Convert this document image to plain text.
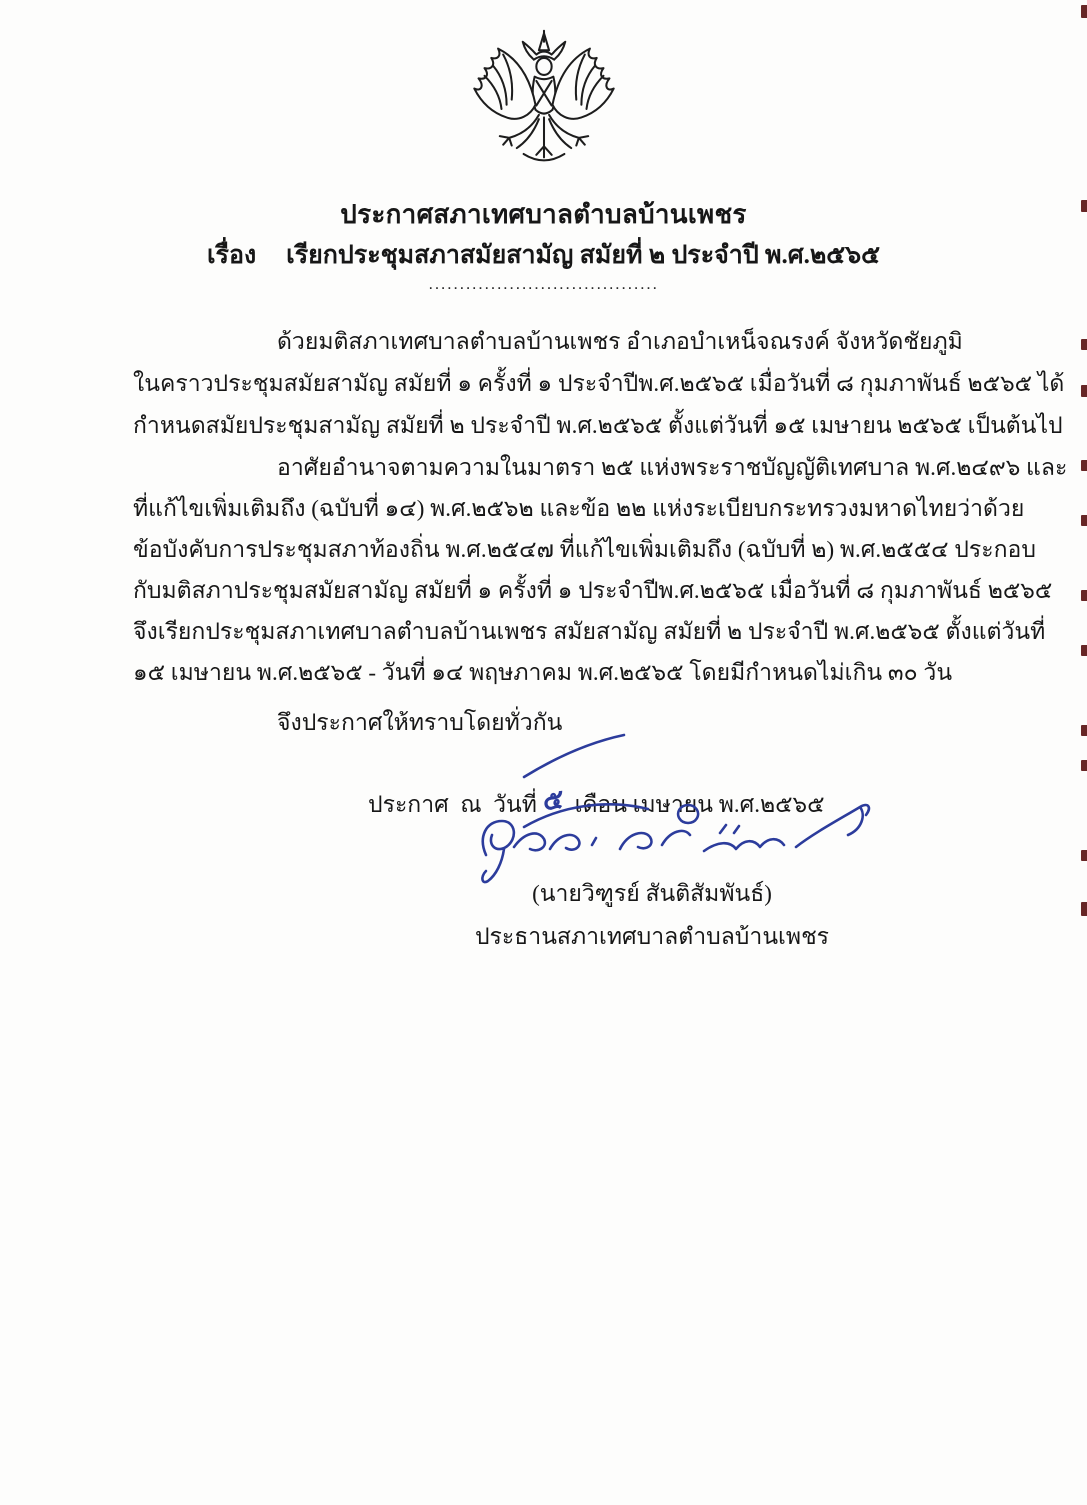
ประกาศสภาเทศบาลตำบลบ้านเพชร
เรื่อง เรียกประชุมสภาสมัยสามัญ สมัยที่ ๒ ประจำปี พ.ศ.๒๕๖๕
.....................................
ด้วยมติสภาเทศบาลตำบลบ้านเพชร อำเภอบำเหน็จณรงค์ จังหวัดชัยภูมิ
ในคราวประชุมสมัยสามัญ สมัยที่ ๑ ครั้งที่ ๑ ประจำปีพ.ศ.๒๕๖๕ เมื่อวันที่ ๘ กุมภาพันธ์ ๒๕๖๕ ได้
กำหนดสมัยประชุมสามัญ สมัยที่ ๒ ประจำปี พ.ศ.๒๕๖๕ ตั้งแต่วันที่ ๑๕ เมษายน ๒๕๖๕ เป็นต้นไป
อาศัยอำนาจตามความในมาตรา ๒๕ แห่งพระราชบัญญัติเทศบาล พ.ศ.๒๔๙๖ และ
ที่แก้ไขเพิ่มเติมถึง (ฉบับที่ ๑๔) พ.ศ.๒๕๖๒ และข้อ ๒๒ แห่งระเบียบกระทรวงมหาดไทยว่าด้วย
ข้อบังคับการประชุมสภาท้องถิ่น พ.ศ.๒๕๔๗ ที่แก้ไขเพิ่มเติมถึง (ฉบับที่ ๒) พ.ศ.๒๕๕๔ ประกอบ
กับมติสภาประชุมสมัยสามัญ สมัยที่ ๑ ครั้งที่ ๑ ประจำปีพ.ศ.๒๕๖๕ เมื่อวันที่ ๘ กุมภาพันธ์ ๒๕๖๕
จึงเรียกประชุมสภาเทศบาลตำบลบ้านเพชร สมัยสามัญ สมัยที่ ๒ ประจำปี พ.ศ.๒๕๖๕ ตั้งแต่วันที่
๑๕ เมษายน พ.ศ.๒๕๖๕ - วันที่ ๑๔ พฤษภาคม พ.ศ.๒๕๖๕ โดยมีกำหนดไม่เกิน ๓๐ วัน
จึงประกาศให้ทราบโดยทั่วกัน

ประกาศ  ณ  วันที่ ๕ เดือน เมษายน พ.ศ.๒๕๖๕

(นายวิฑูรย์ สันติสัมพันธ์)
ประธานสภาเทศบาลตำบลบ้านเพชร
